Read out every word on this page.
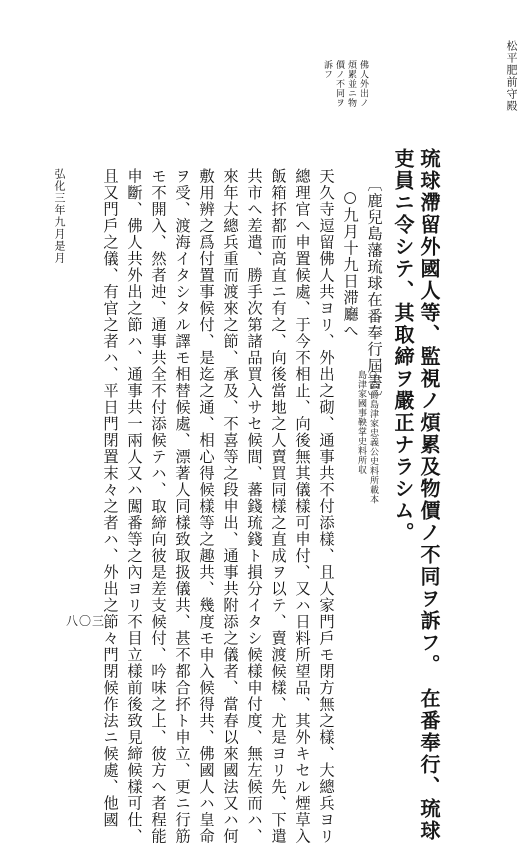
松平肥前守殿
佛人外出ノ
煩累並ニ物
價ノ不同ヲ
訴フ
琉球滯留外國人等、監視ノ煩累及物價ノ不同ヲ訴フ。　在番奉行、琉球
吏員ニ令シテ、其取締ヲ嚴正ナラシム。
〔鹿兒島藩琉球在番奉行屆書〕
○公爵島津家忠義公史料所載本
島津家國事鞅掌史料所収
○九月十九日滞廳へ
天久寺逗留佛人共ヨリ、外出之砌、通事共不付添樣、且人家門戶モ閉方無之樣、大總兵ヨリ
總理官へ申置候處、于今不相止、向後無其儀樣可申付、又ハ日料所望品、其外キセル煙草入
飯箱抔都而高直ニ有之、向後當地之人賣買同樣之直成ヲ以テ、賣渡候樣、尤是ヨリ先、下遣
共市へ差遣、勝手次第諸品買入サセ候間、蕃錢琉錢ト損分イタシ候樣申付度、無左候而ハ、
來年大總兵重而渡來之節、承及、不喜等之段申出、通事共附添之儀者、當春以來國法又ハ何
敷用辨之爲付置事候付、是迄之通、相心得候樣等之趣共、幾度モ申入候得共、佛國人ハ皇命
ヲ受、渡海イタシタル譯モ相替候處、漂著人同樣致取扱儀共、甚不都合抔ト申立、更ニ行筋
モ不開入、然者迚、通事共全不付添候テハ、取締向彼是差支候付、吟味之上、彼方へ者程能
申斷、佛人共外出之節ハ、通事共一兩人又ハ闖番等之內ヨリ不目立樣前後致見締候樣可仕、
且又門戶之儀、有官之者ハ、平日門閉置末々之者ハ、外出之節々門閉候作法ニ候處、他國
弘化三年九月是月
八〇三
